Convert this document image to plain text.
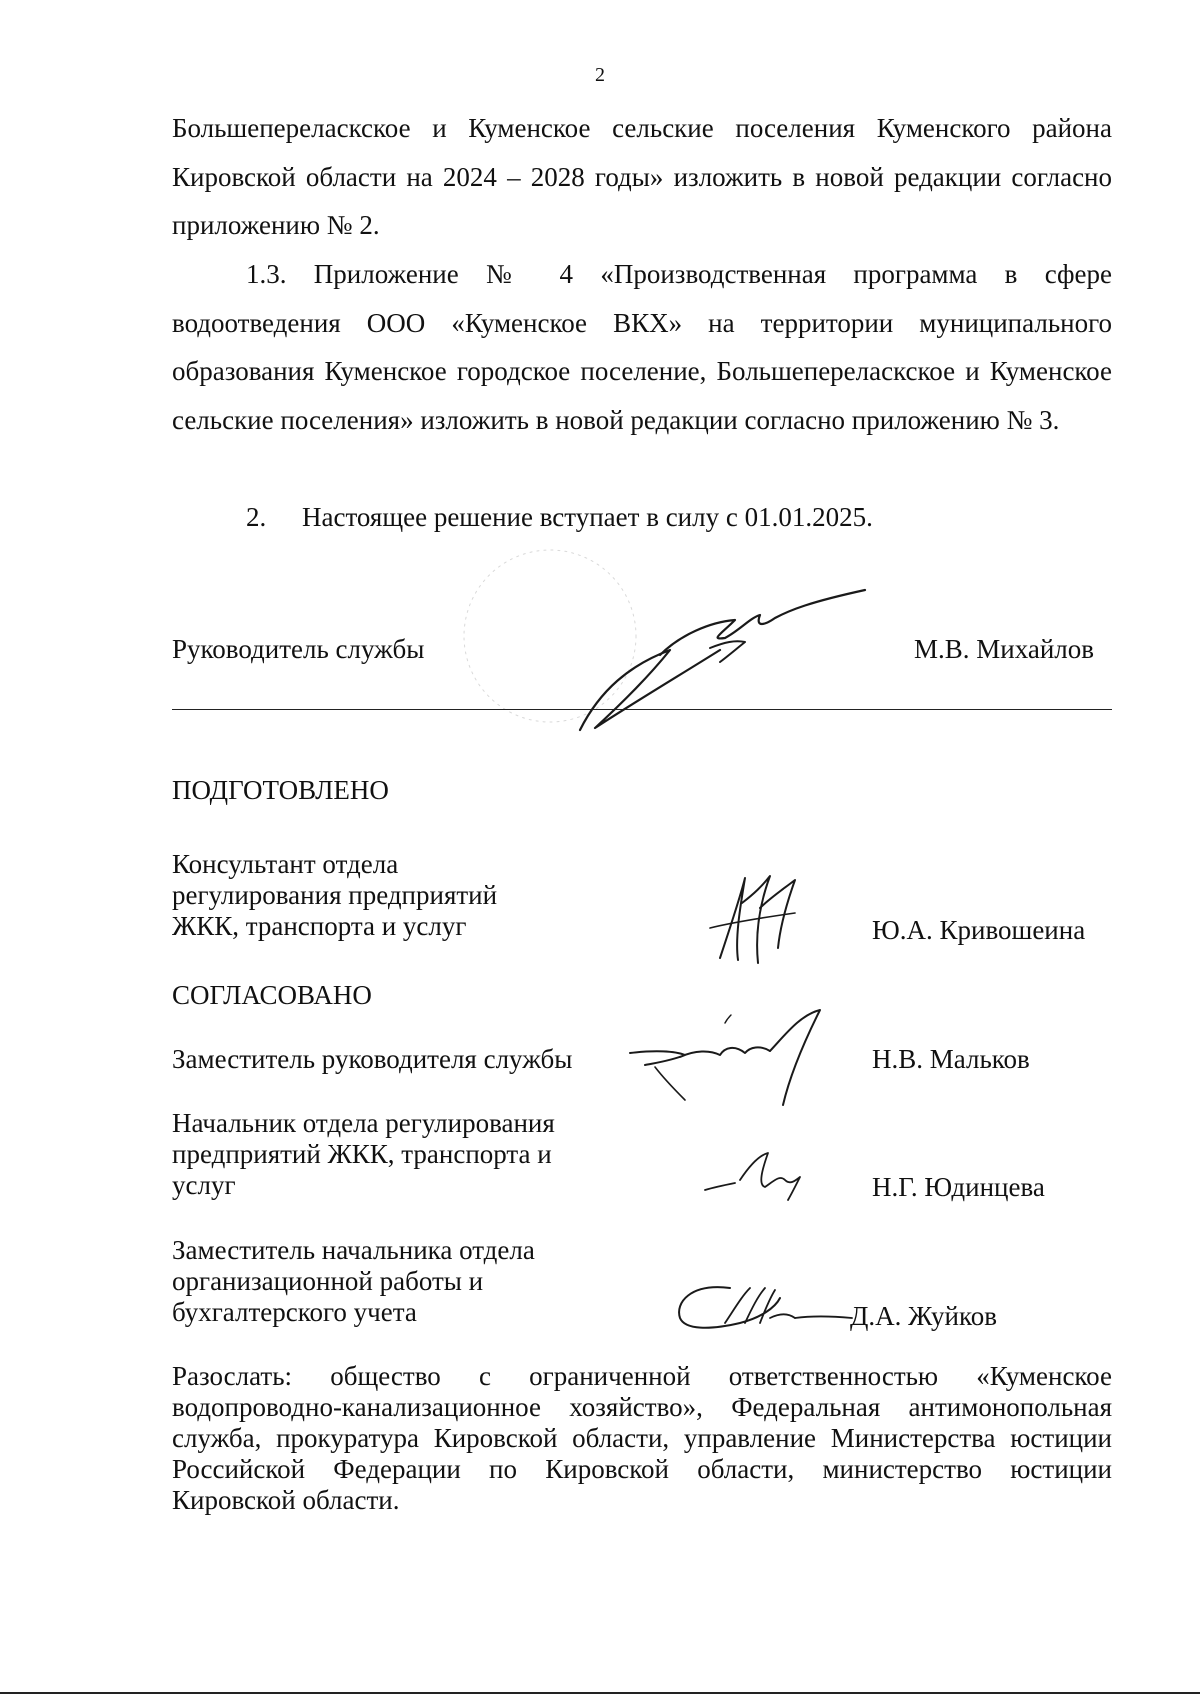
2
Большепереласкское и Куменское сельские поселения Куменского района Кировской области на 2024 – 2028 годы» изложить в новой редакции согласно приложению № 2.
1.3. Приложение № 4 «Производственная программа в сфере водоотведения ООО «Куменское ВКХ» на территории муниципального образования Куменское городское поселение, Большепереласкское и Куменское сельские поселения» изложить в новой редакции согласно приложению № 3.
2. Настоящее решение вступает в силу с 01.01.2025.
Руководитель службы	М.В. Михайлов
ПОДГОТОВЛЕНО
Консультант отдела
регулирования предприятий
ЖКК, транспорта и услуг	Ю.А. Кривошеина
СОГЛАСОВАНО
Заместитель руководителя службы	Н.В. Мальков
Начальник отдела регулирования
предприятий ЖКК, транспорта и
услуг	Н.Г. Юдинцева
Заместитель начальника отдела
организационной работы и
бухгалтерского учета	Д.А. Жуйков
Разослать: общество с ограниченной ответственностью «Куменское водопроводно-канализационное хозяйство», Федеральная антимонопольная служба, прокуратура Кировской области, управление Министерства юстиции Российской Федерации по Кировской области, министерство юстиции Кировской области.
